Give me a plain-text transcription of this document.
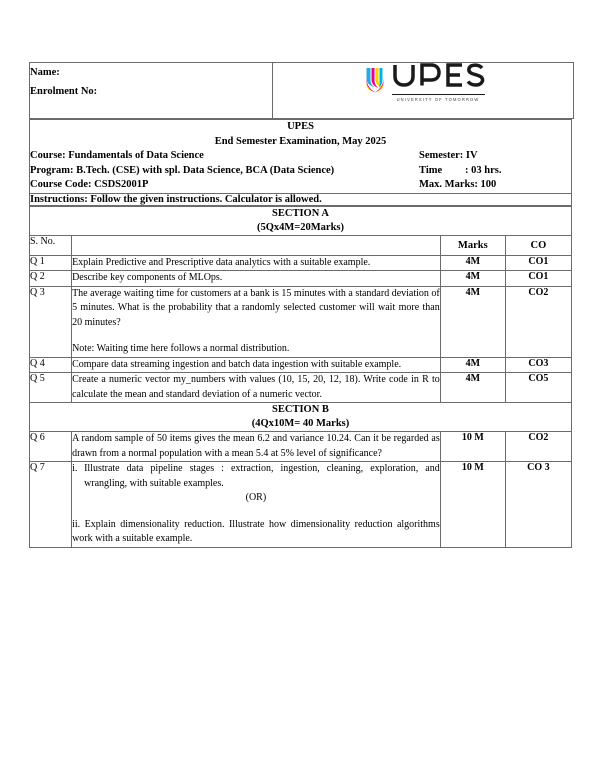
Name:
Enrolment No:

UNIVERSITY OF TOMORROW
UPES
End Semester Examination, May 2025
Course: Fundamentals of Data Science	Semester: IV
Program: B.Tech. (CSE) with spl. Data Science, BCA (Data Science)	Time : 03 hrs.
Course Code: CSDS2001P	Max. Marks: 100

Instructions: Follow the given instructions. Calculator is allowed.
SECTION A
(5Qx4M=20Marks)			

S. No.		Marks	CO
Q 1	Explain Predictive and Prescriptive data analytics with a suitable example.	4M	CO1
Q 2	Describe key components of MLOps.	4M	CO1
Q 3	The average waiting time for customers at a bank is 15 minutes with a standard deviation of 5 minutes. What is the probability that a randomly selected customer will wait more than 20 minutes?

Note: Waiting time here follows a normal distribution.	4M	CO2
Q 4	Compare data streaming ingestion and batch data ingestion with suitable example.	4M	CO3
Q 5	Create a numeric vector my_numbers with values (10, 15, 20, 12, 18). Write code in R to calculate the mean and standard deviation of a numeric vector.	4M	CO5

SECTION B
(4Qx10M= 40 Marks)			

Q 6	A random sample of 50 items gives the mean 6.2 and variance 10.24. Can it be regarded as drawn from a normal population with a mean 5.4 at 5% level of significance?	10 M	CO2
Q 7	i. Illustrate data pipeline stages : extraction, ingestion, cleaning, exploration, and wrangling, with suitable examples.

(OR)

ii. Explain dimensionality reduction. Illustrate how dimensionality reduction algorithms work with a suitable example.	10 M	CO 3
